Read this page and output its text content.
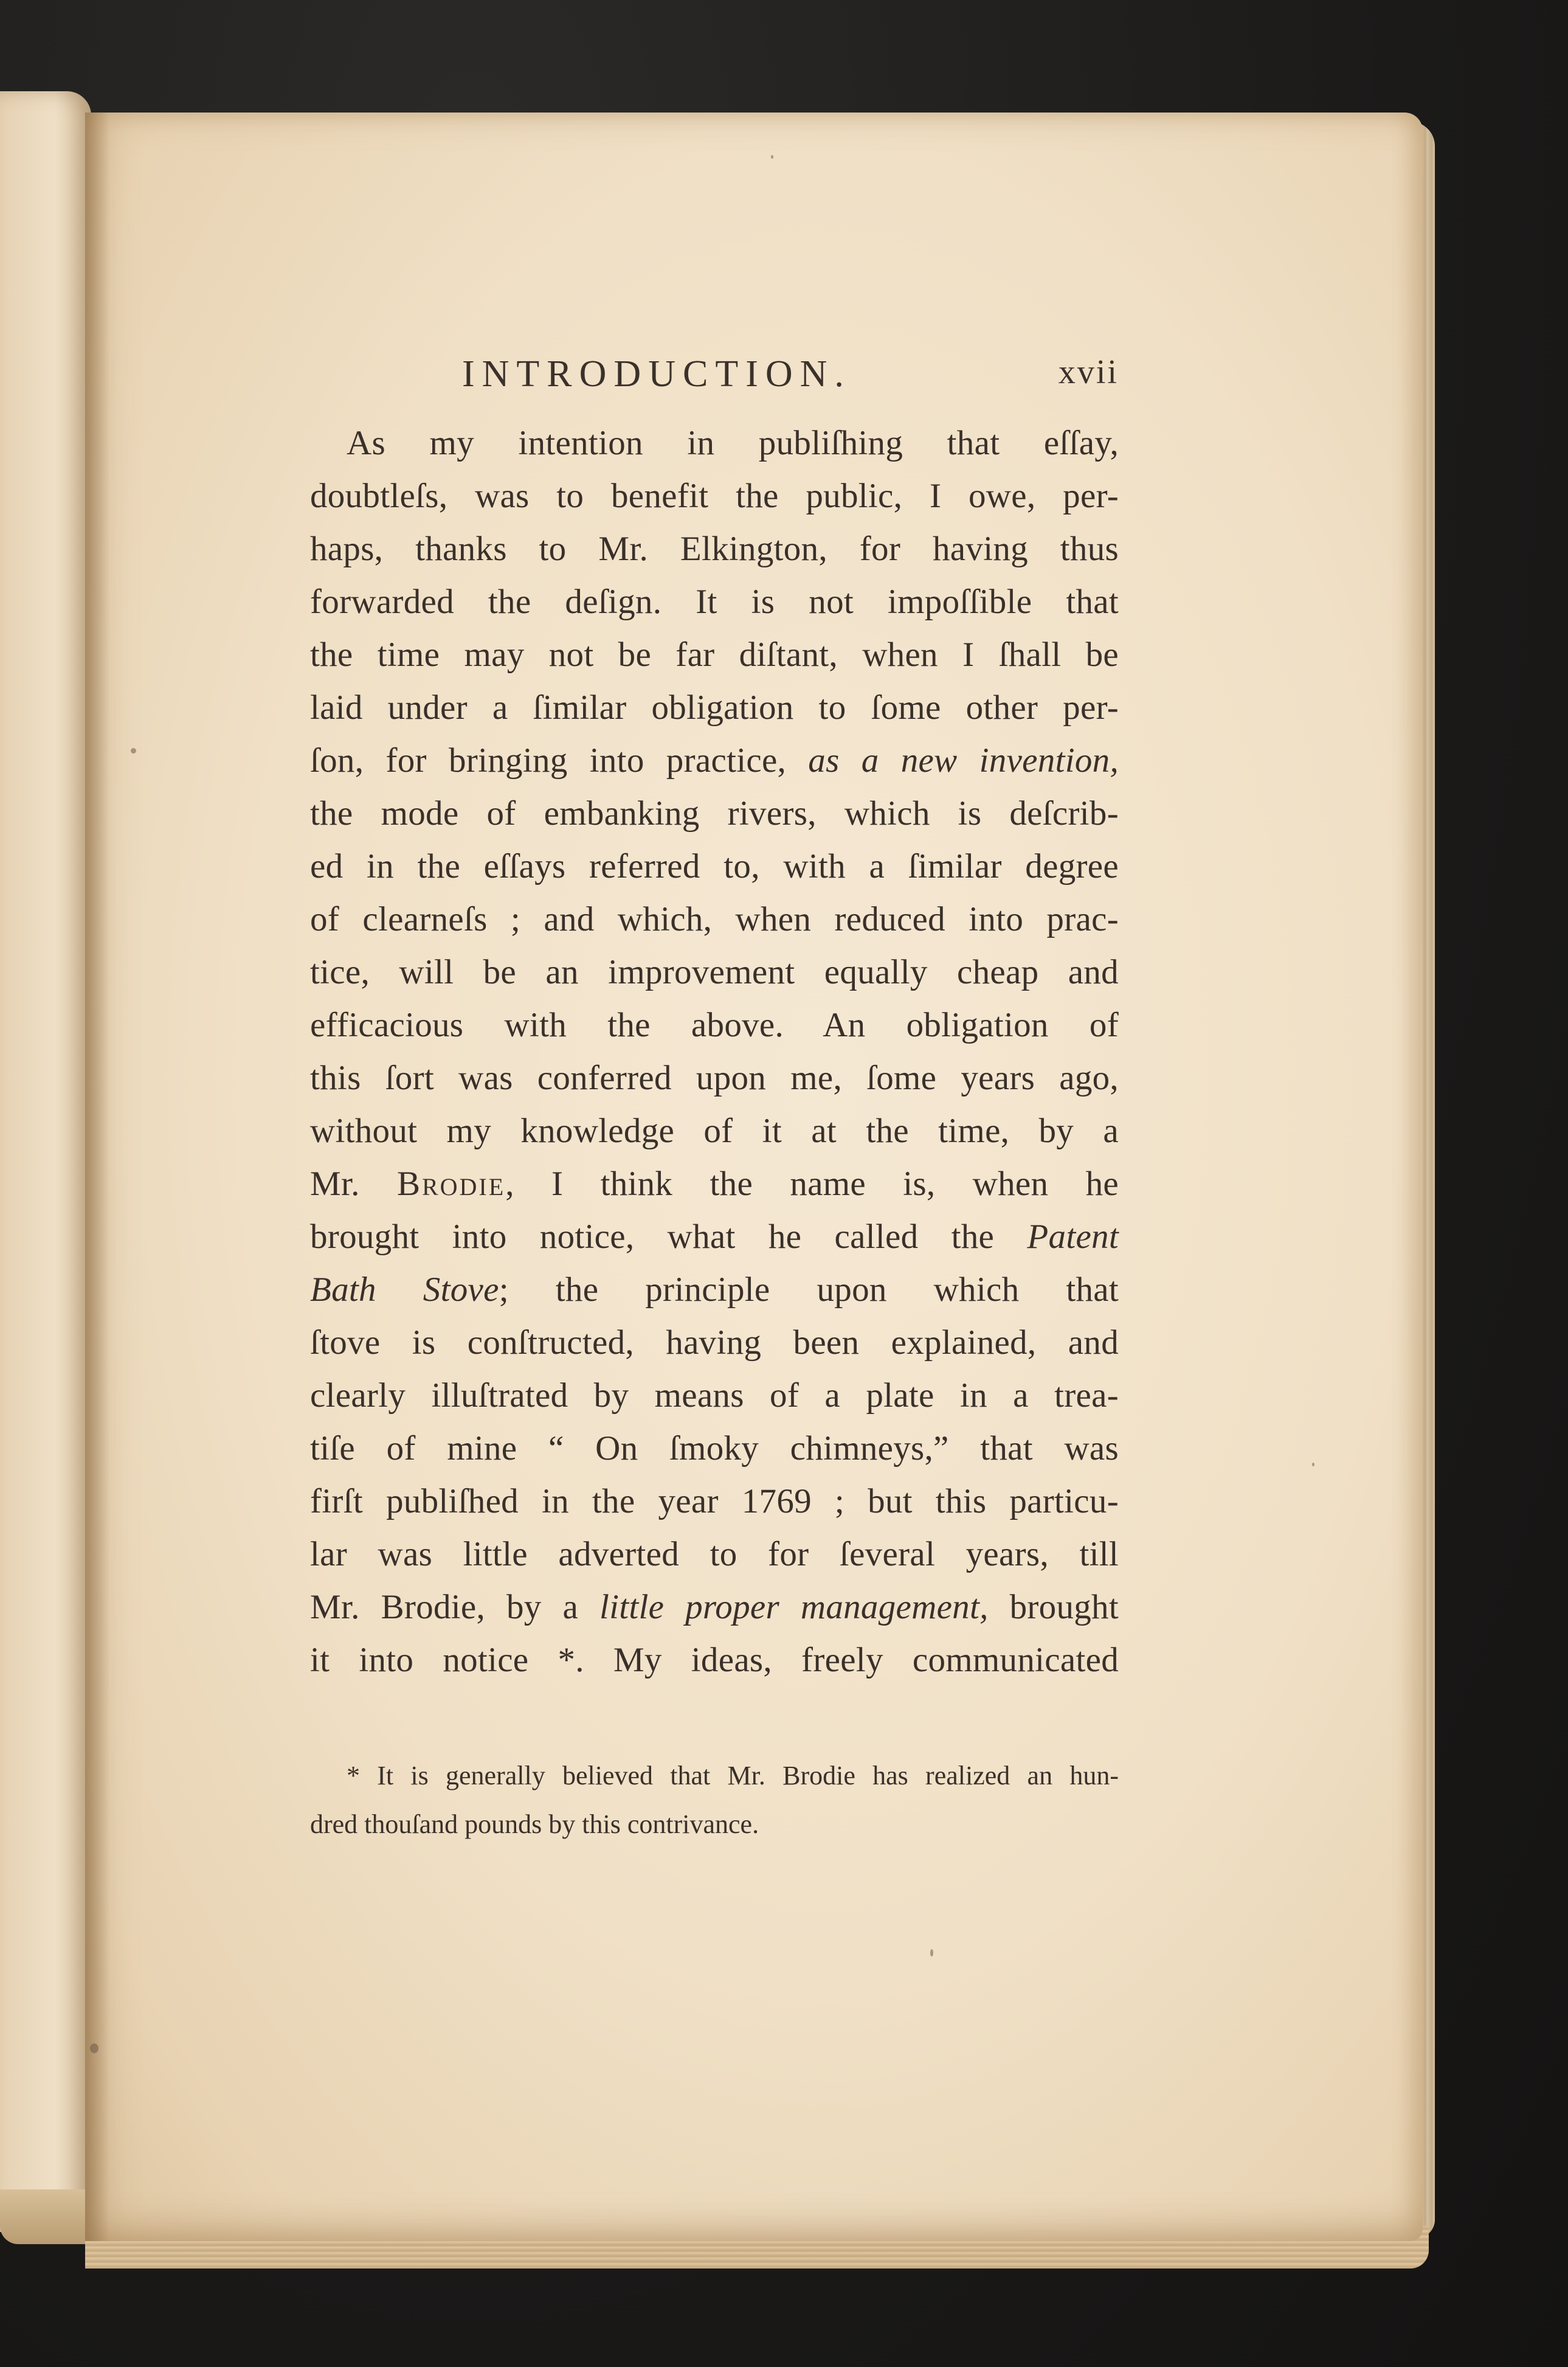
INTRODUCTION.	xvii
As my intention in publiſhing that eſſay,
doubtleſs, was to benefit the public, I owe, per-
haps, thanks to Mr. Elkington, for having thus
forwarded the deſign. It is not impoſſible that
the time may not be far diſtant, when I ſhall be
laid under a ſimilar obligation to ſome other per-
ſon, for bringing into practice, as a new invention,
the mode of embanking rivers, which is deſcrib-
ed in the eſſays referred to, with a ſimilar degree
of clearneſs ; and which, when reduced into prac-
tice, will be an improvement equally cheap and
efficacious with the above. An obligation of
this ſort was conferred upon me, ſome years ago,
without my knowledge of it at the time, by a
Mr. Brodie, I think the name is, when he
brought into notice, what he called the Patent
Bath Stove; the principle upon which that
ſtove is conſtructed, having been explained, and
clearly illuſtrated by means of a plate in a trea-
tiſe of mine “ On ſmoky chimneys,” that was
firſt publiſhed in the year 1769 ; but this particu-
lar was little adverted to for ſeveral years, till
Mr. Brodie, by a little proper management, brought
it into notice *. My ideas, freely communicated
* It is generally believed that Mr. Brodie has realized an hun-
dred thouſand pounds by this contrivance.
